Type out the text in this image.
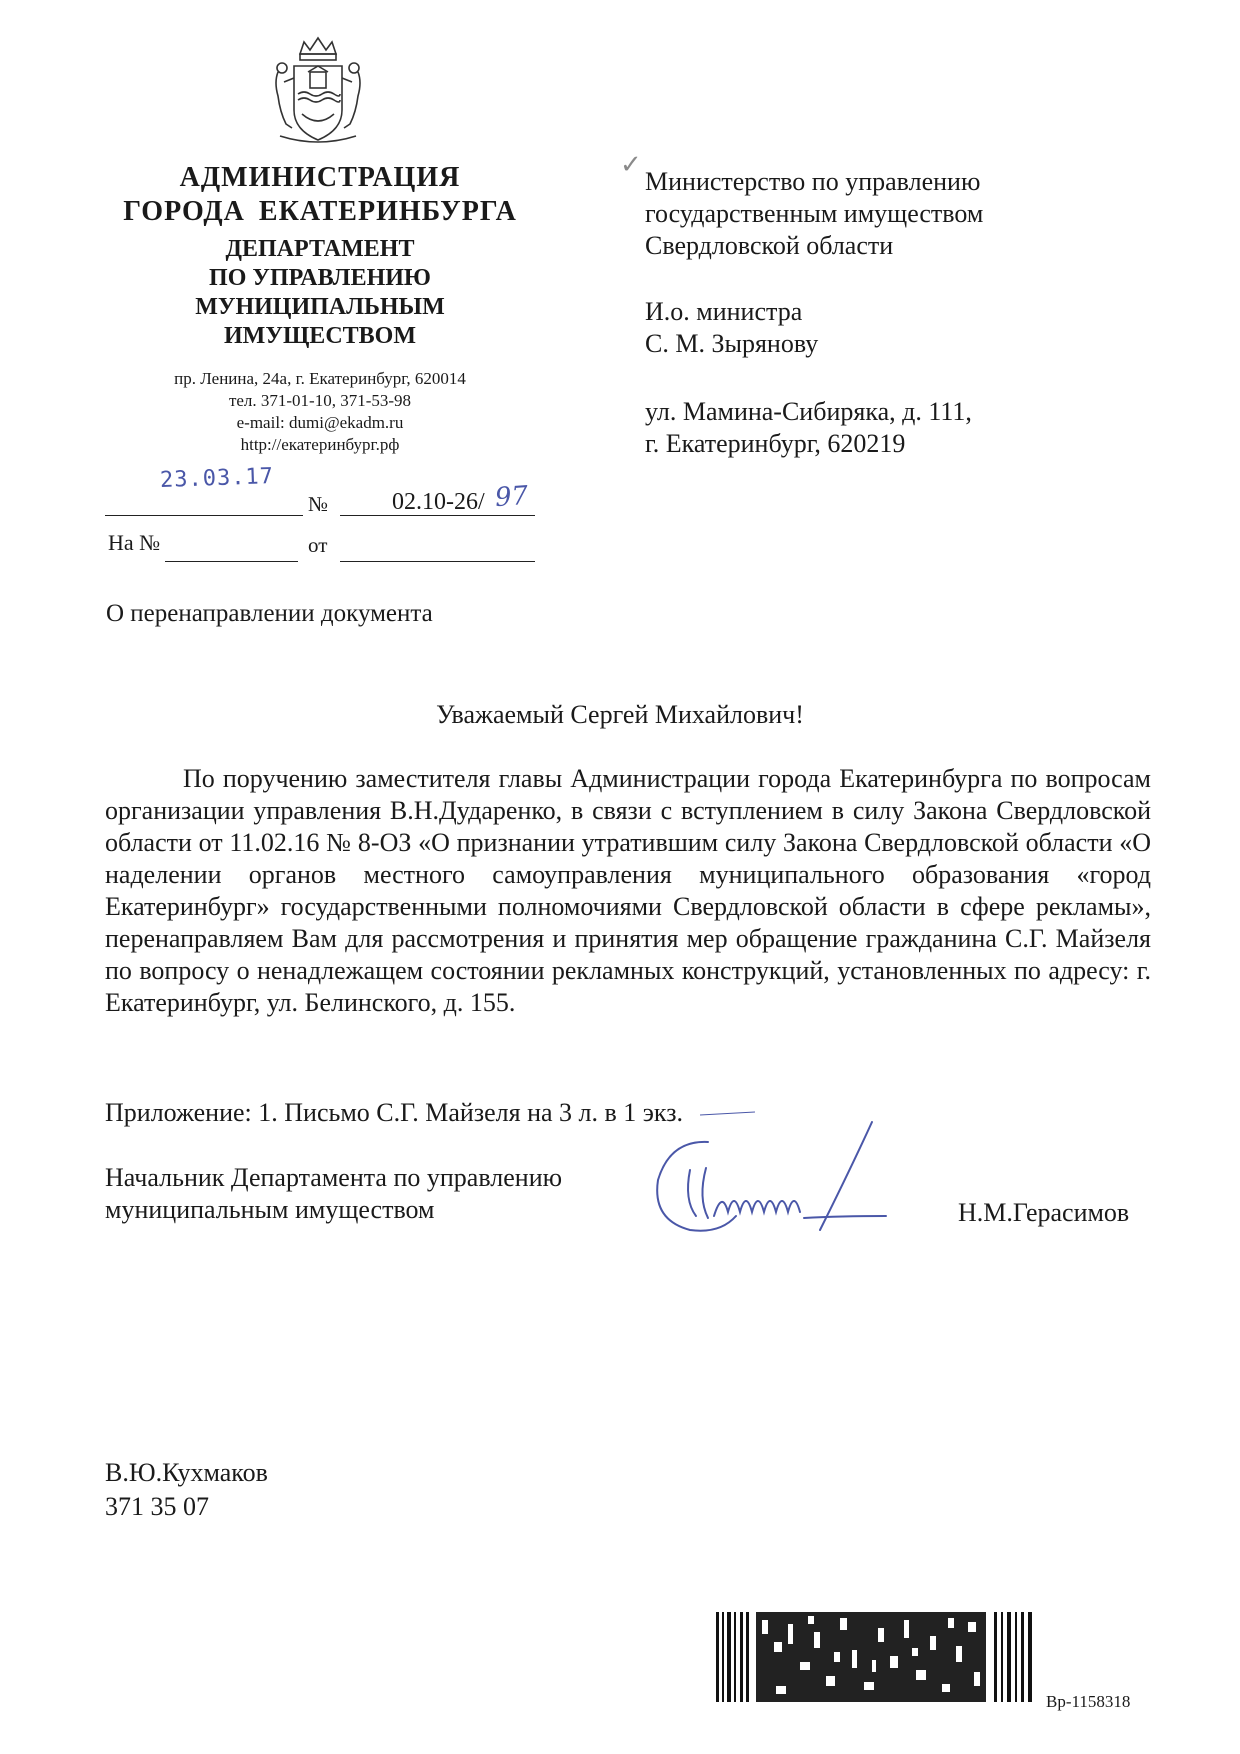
АДМИНИСТРАЦИЯ
ГОРОДА ЕКАТЕРИНБУРГА
ДЕПАРТАМЕНТ
ПО УПРАВЛЕНИЮ
МУНИЦИПАЛЬНЫМ
ИМУЩЕСТВОМ
пр. Ленина, 24а, г. Екатеринбург, 620014
тел. 371-01-10, 371-53-98
e-mail: dumi@ekadm.ru
http://екатеринбург.рф
23.03.17
№	02.10-26/ 97
На №	от
О перенаправлении документа
✓
Министерство по управлению
государственным имуществом
Свердловской области
И.о. министра
С. М. Зырянову
ул. Мамина-Сибиряка, д. 111,
г. Екатеринбург, 620219
Уважаемый Сергей Михайлович!
По поручению заместителя главы Администрации города Екатеринбурга по вопросам организации управления В.Н.Дударенко, в связи с вступлением в силу Закона Свердловской области от 11.02.16 № 8-ОЗ «О признании утратившим силу Закона Свердловской области «О наделении органов местного самоуправления муниципального образования «город Екатеринбург» государственными полномочиями Свердловской области в сфере рекламы», перенаправляем Вам для рассмотрения и принятия мер обращение гражданина С.Г. Майзеля по вопросу о ненадлежащем состоянии рекламных конструкций, установленных по адресу: г. Екатеринбург, ул. Белинского, д. 155.
Приложение: 1. Письмо С.Г. Майзеля на 3 л. в 1 экз.
Начальник Департамента по управлению
муниципальным имуществом	Н.М.Герасимов
В.Ю.Кухмаков
371 35 07
Вр-1158318
